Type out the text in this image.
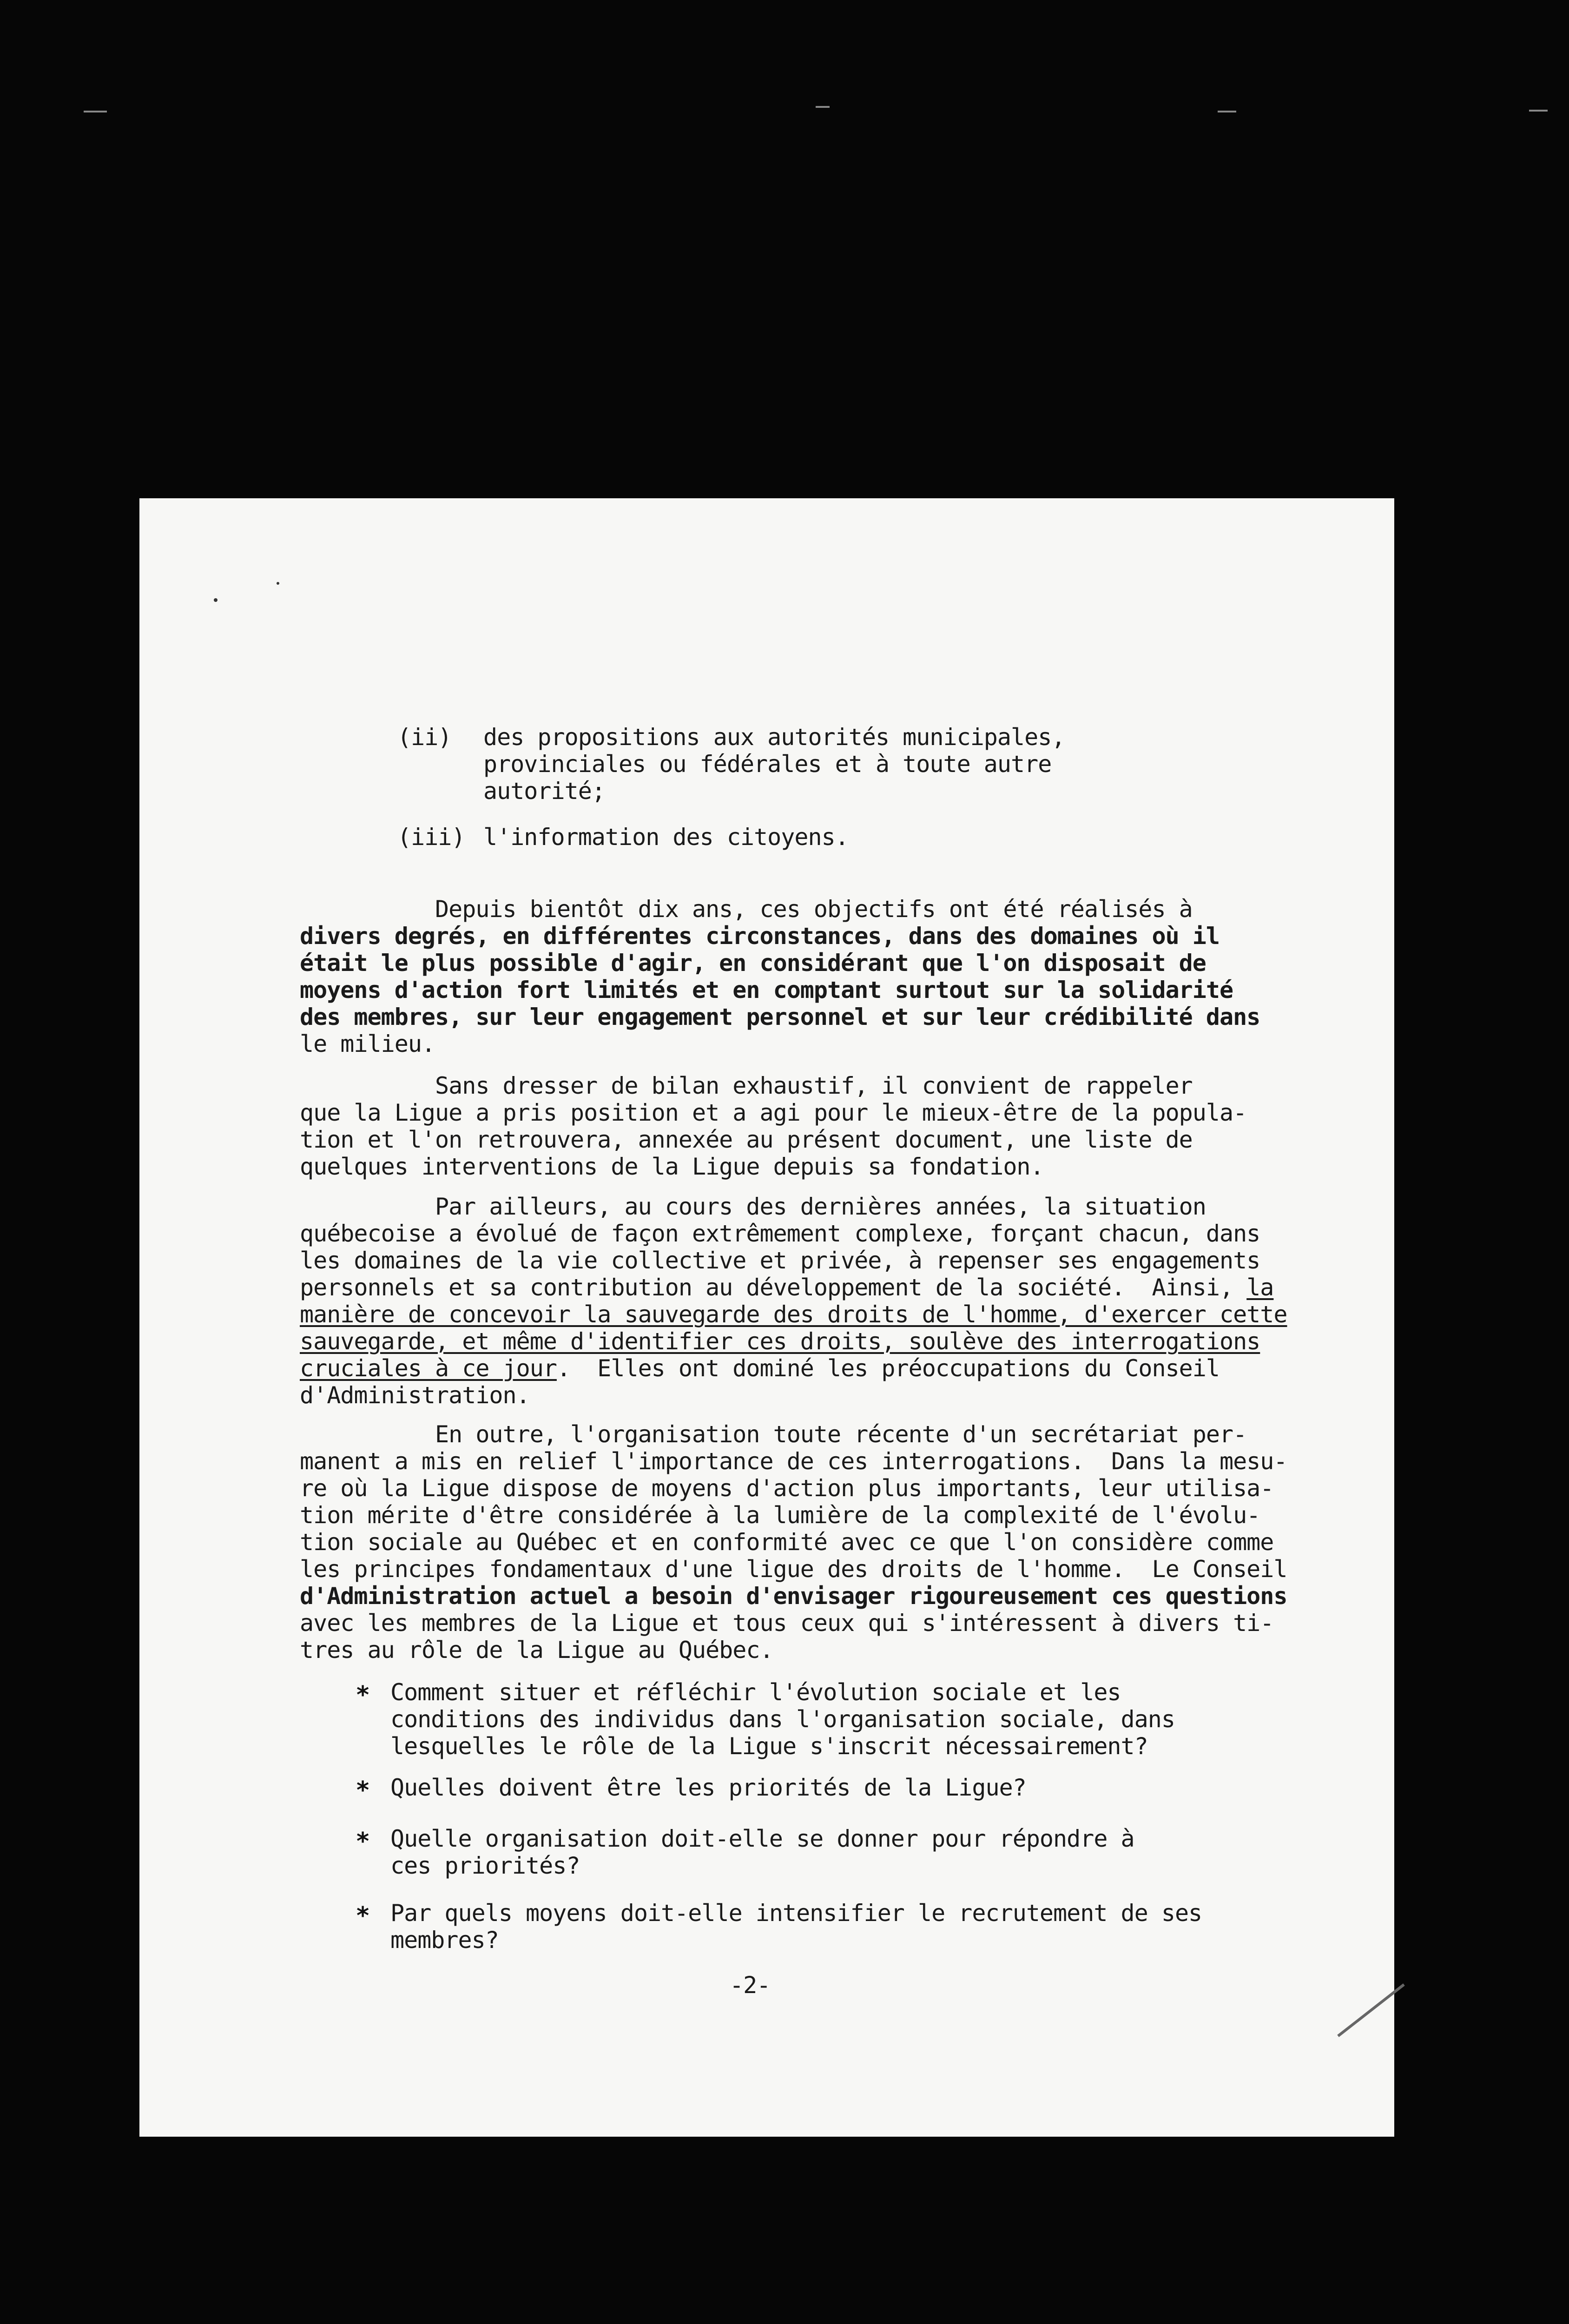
(ii) des propositions aux autorités municipales,
provinciales ou fédérales et à toute autre
autorité;
(iii) l'information des citoyens.
Depuis bientôt dix ans, ces objectifs ont été réalisés à
divers degrés, en différentes circonstances, dans des domaines où il
était le plus possible d'agir, en considérant que l'on disposait de
moyens d'action fort limités et en comptant surtout sur la solidarité
des membres, sur leur engagement personnel et sur leur crédibilité dans
le milieu.
Sans dresser de bilan exhaustif, il convient de rappeler
que la Ligue a pris position et a agi pour le mieux-être de la popula-
tion et l'on retrouvera, annexée au présent document, une liste de
quelques interventions de la Ligue depuis sa fondation.
Par ailleurs, au cours des dernières années, la situation
québecoise a évolué de façon extrêmement complexe, forçant chacun, dans
les domaines de la vie collective et privée, à repenser ses engagements
personnels et sa contribution au développement de la société.  Ainsi, la
manière de concevoir la sauvegarde des droits de l'homme, d'exercer cette
sauvegarde, et même d'identifier ces droits, soulève des interrogations
cruciales à ce jour.  Elles ont dominé les préoccupations du Conseil
d'Administration.
En outre, l'organisation toute récente d'un secrétariat per-
manent a mis en relief l'importance de ces interrogations.  Dans la mesu-
re où la Ligue dispose de moyens d'action plus importants, leur utilisa-
tion mérite d'être considérée à la lumière de la complexité de l'évolu-
tion sociale au Québec et en conformité avec ce que l'on considère comme
les principes fondamentaux d'une ligue des droits de l'homme.  Le Conseil
d'Administration actuel a besoin d'envisager rigoureusement ces questions
avec les membres de la Ligue et tous ceux qui s'intéressent à divers ti-
tres au rôle de la Ligue au Québec.
* Comment situer et réfléchir l'évolution sociale et les
conditions des individus dans l'organisation sociale, dans
lesquelles le rôle de la Ligue s'inscrit nécessairement?
* Quelles doivent être les priorités de la Ligue?
* Quelle organisation doit-elle se donner pour répondre à
ces priorités?
* Par quels moyens doit-elle intensifier le recrutement de ses
membres?
-2-
